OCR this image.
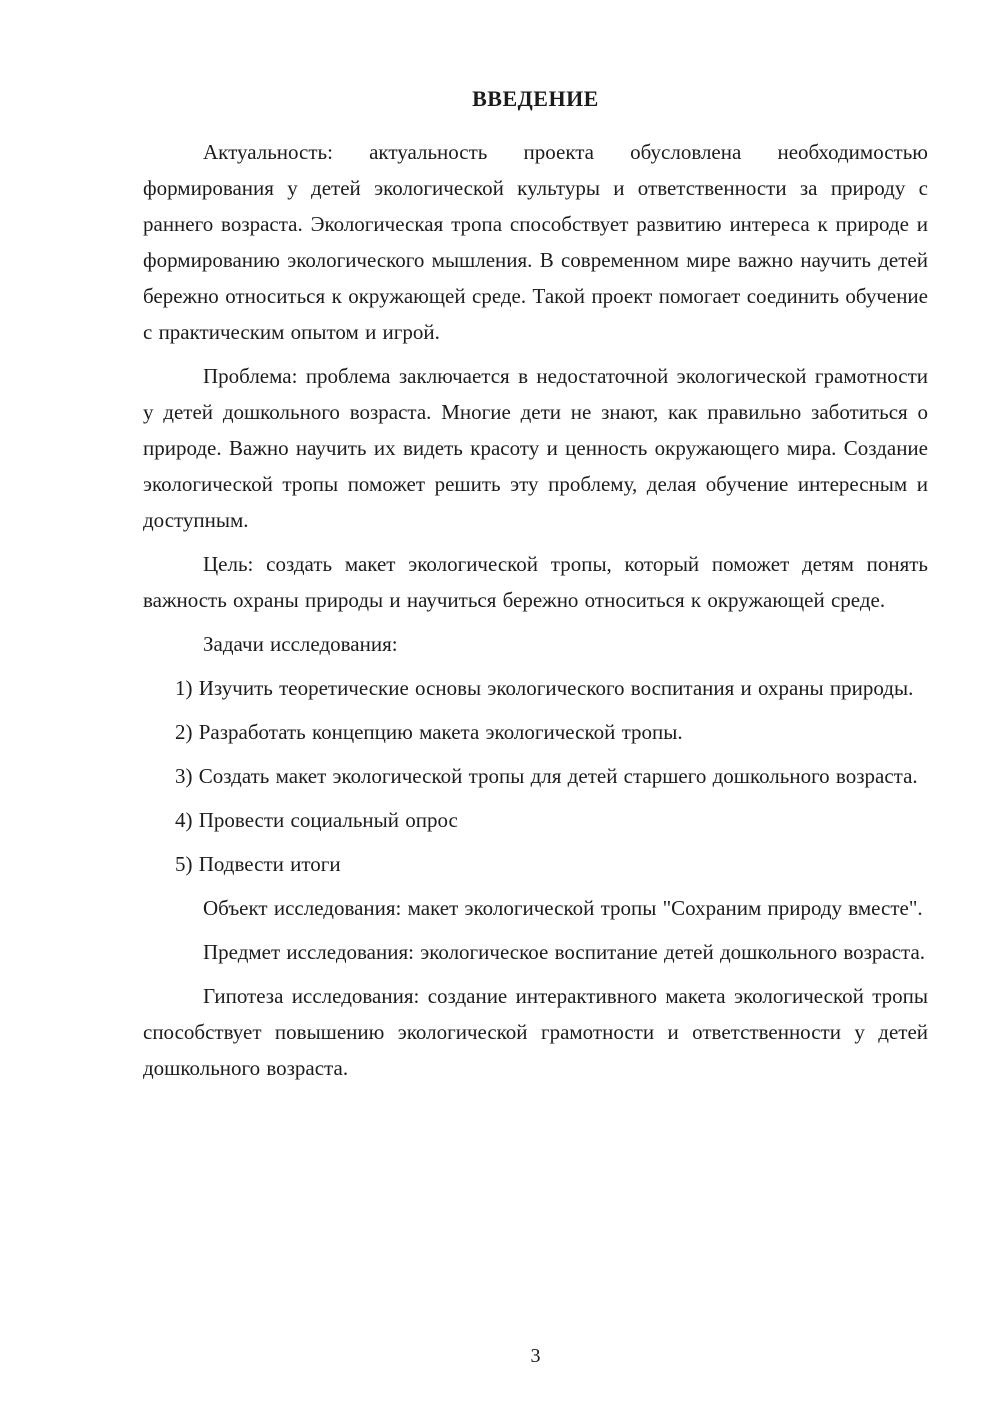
ВВЕДЕНИЕ

Актуальность: актуальность проекта обусловлена необходимостью формирования у детей экологической культуры и ответственности за природу с раннего возраста. Экологическая тропа способствует развитию интереса к природе и формированию экологического мышления. В современном мире важно научить детей бережно относиться к окружающей среде. Такой проект помогает соединить обучение с практическим опытом и игрой.

Проблема: проблема заключается в недостаточной экологической грамотности у детей дошкольного возраста. Многие дети не знают, как правильно заботиться о природе. Важно научить их видеть красоту и ценность окружающего мира. Создание экологической тропы поможет решить эту проблему, делая обучение интересным и доступным.

Цель: создать макет экологической тропы, который поможет детям понять важность охраны природы и научиться бережно относиться к окружающей среде.

Задачи исследования:

1) Изучить теоретические основы экологического воспитания и охраны природы.

2) Разработать концепцию макета экологической тропы.

3) Создать макет экологической тропы для детей старшего дошкольного возраста.

4) Провести социальный опрос

5) Подвести итоги

Объект исследования: макет экологической тропы "Сохраним природу вместе".

Предмет исследования: экологическое воспитание детей дошкольного возраста.

Гипотеза исследования: создание интерактивного макета экологической тропы способствует повышению экологической грамотности и ответственности у детей дошкольного возраста.

3
